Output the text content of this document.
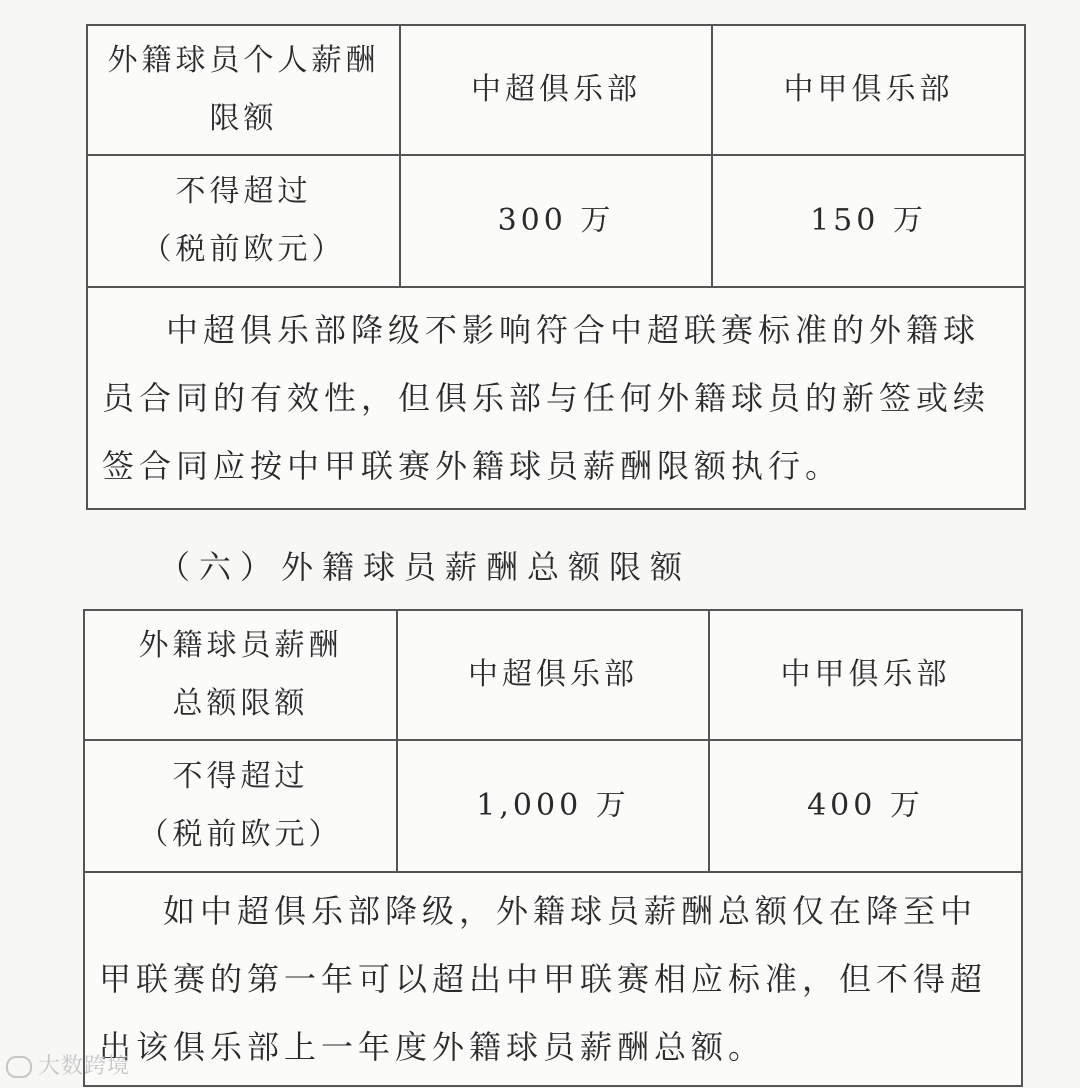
外籍球员个人薪酬
限额	中超俱乐部	中甲俱乐部

不得超过
（税前欧元）	300 万	150 万
中超俱乐部降级不影响符合中超联赛标准的外籍球员合同的有效性，但俱乐部与任何外籍球员的新签或续签合同应按中甲联赛外籍球员薪酬限额执行。		
（六）外籍球员薪酬总额限额
外籍球员薪酬
总额限额	中超俱乐部	中甲俱乐部

不得超过
（税前欧元）	1,000 万	400 万
如中超俱乐部降级，外籍球员薪酬总额仅在降至中甲联赛的第一年可以超出中甲联赛相应标准，但不得超出该俱乐部上一年度外籍球员薪酬总额。		
大数跨境
